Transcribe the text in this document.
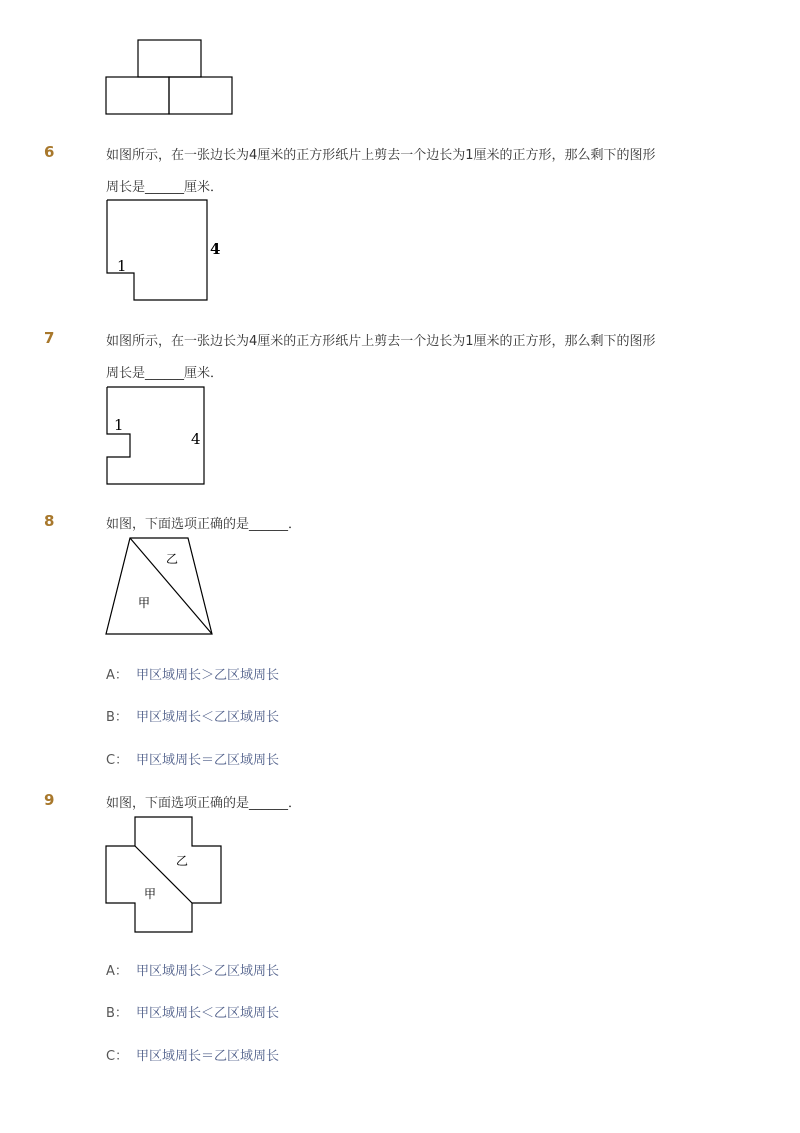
6	如图所示，在一张边长为4厘米的正方形纸片上剪去一个边长为1厘米的正方形，那么剩下的图形
周长是______厘米．
1
4
7	如图所示，在一张边长为4厘米的正方形纸片上剪去一个边长为1厘米的正方形，那么剩下的图形
周长是______厘米．
1
4
8	如图，下面选项正确的是______．
乙
甲
A： 甲区域周长＞乙区域周长
B： 甲区域周长＜乙区域周长
C： 甲区域周长＝乙区域周长
9	如图，下面选项正确的是______．
乙
甲
A： 甲区域周长＞乙区域周长
B： 甲区域周长＜乙区域周长
C： 甲区域周长＝乙区域周长
